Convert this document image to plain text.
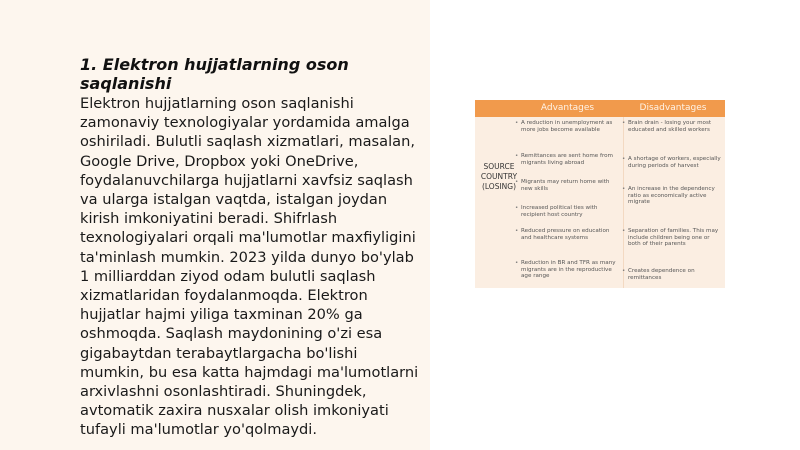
1. Elektron hujjatlarning oson saqlanishi

Elektron hujjatlarning oson saqlanishi zamonaviy texnologiyalar yordamida amalga oshiriladi. Bulutli saqlash xizmatlari, masalan, Google Drive, Dropbox yoki OneDrive, foydalanuvchilarga hujjatlarni xavfsiz saqlash va ularga istalgan vaqtda, istalgan joydan kirish imkoniyatini beradi. Shifrlash texnologiyalari orqali ma'lumotlar maxfiyligini ta'minlash mumkin. 2023 yilda dunyo bo'ylab 1 milliarddan ziyod odam bulutli saqlash xizmatlaridan foydalanmoqda. Elektron hujjatlar hajmi yiliga taxminan 20% ga oshmoqda. Saqlash maydonining o'zi esa gigabaytdan terabaytlargacha bo'lishi mumkin, bu esa katta hajmdagi ma'lumotlarni arxivlashni osonlashtiradi. Shuningdek, avtomatik zaxira nusxalar olish imkoniyati tufayli ma'lumotlar yo'qolmaydi.

Advantages	Disadvantages
SOURCE COUNTRY (LOSING)
• A reduction in unemployment as more jobs become available
• Remittances are sent home from migrants living abroad
• Migrants may return home with new skills
• Increased political ties with recipient host country
• Reduced pressure on education and healthcare systems
• Reduction in BR and TFR as many migrants are in the reproductive age range
• Brain drain - losing your most educated and skilled workers
• A shortage of workers, especially during periods of harvest
• An increase in the dependency ratio as economically active migrate
• Separation of families. This may include children being one or both of their parents
• Creates dependence on remittances
